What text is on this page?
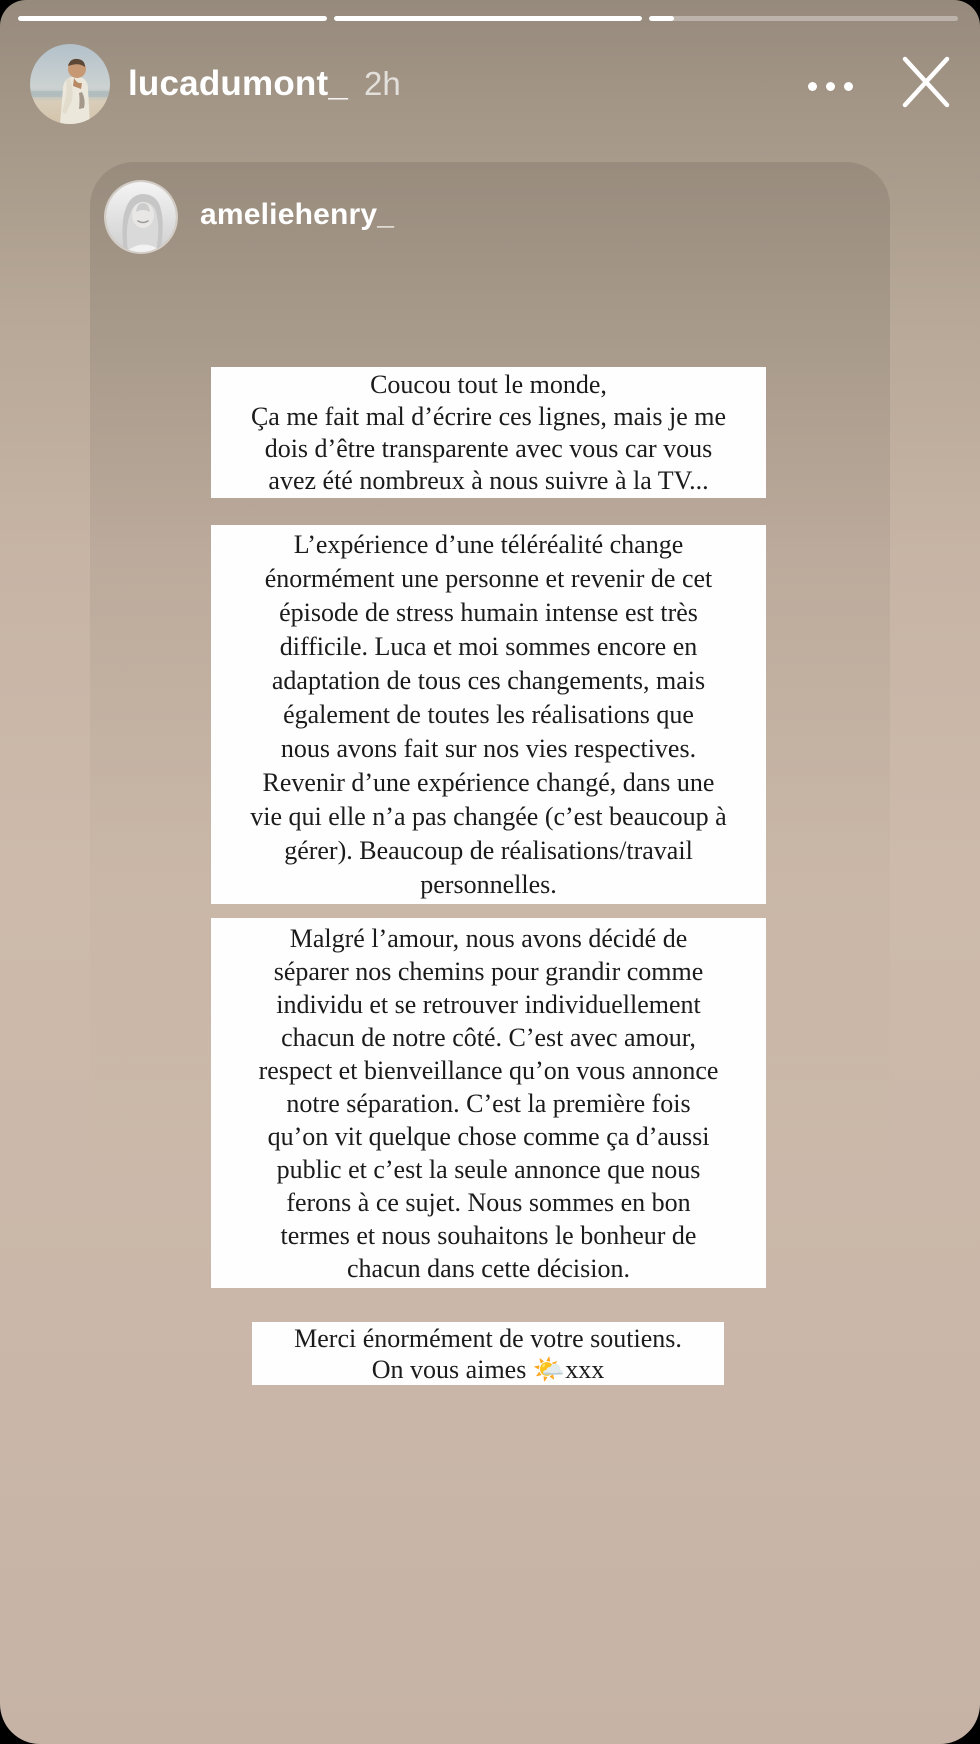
lucadumont_ 2h
ameliehenry_
Coucou tout le monde,
Ça me fait mal d’écrire ces lignes, mais je me
dois d’être transparente avec vous car vous
avez été nombreux à nous suivre à la TV...
L’expérience d’une téléréalité change
énormément une personne et revenir de cet
épisode de stress humain intense est très
difficile. Luca et moi sommes encore en
adaptation de tous ces changements, mais
également de toutes les réalisations que
nous avons fait sur nos vies respectives.
Revenir d’une expérience changé, dans une
vie qui elle n’a pas changée (c’est beaucoup à
gérer). Beaucoup de réalisations/travail
personnelles.
Malgré l’amour, nous avons décidé de
séparer nos chemins pour grandir comme
individu et se retrouver individuellement
chacun de notre côté. C’est avec amour,
respect et bienveillance qu’on vous annonce
notre séparation. C’est la première fois
qu’on vit quelque chose comme ça d’aussi
public et c’est la seule annonce que nous
ferons à ce sujet. Nous sommes en bon
termes et nous souhaitons le bonheur de
chacun dans cette décision.
Merci énormément de votre soutiens.
On vous aimes 🌤️xxx
